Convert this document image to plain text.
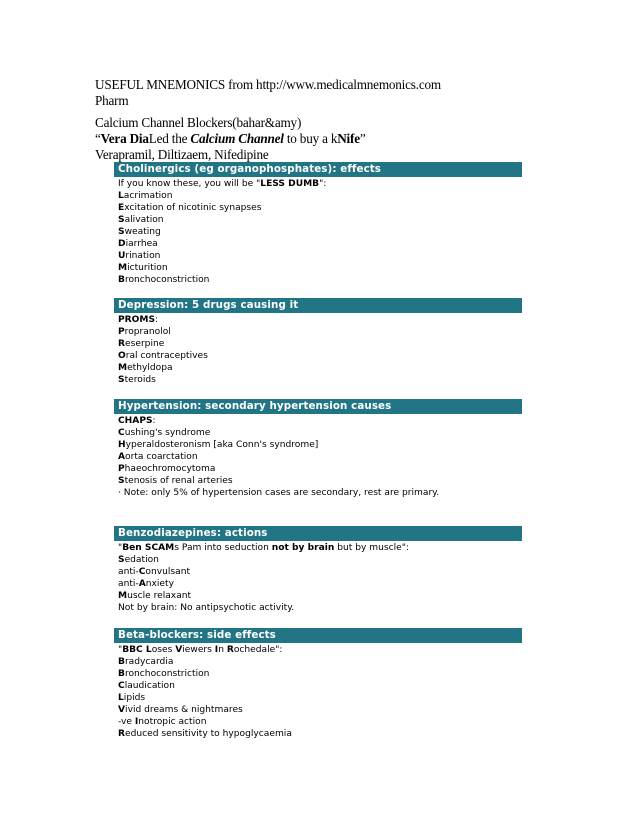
USEFUL MNEMONICS from http://www.medicalmnemonics.com
Pharm
Calcium Channel Blockers(bahar&amy)
“Vera DiaLed the Calcium Channel to buy a kNife”
Verapramil, Diltizaem, Nifedipine
Cholinergics (eg organophosphates): effects
If you know these, you will be "LESS DUMB":
Lacrimation
Excitation of nicotinic synapses
Salivation
Sweating
Diarrhea
Urination
Micturition
Bronchoconstriction
Depression: 5 drugs causing it
PROMS:
Propranolol
Reserpine
Oral contraceptives
Methyldopa
Steroids
Hypertension: secondary hypertension causes
CHAPS:
Cushing's syndrome
Hyperaldosteronism [aka Conn's syndrome]
Aorta coarctation
Phaeochromocytoma
Stenosis of renal arteries
· Note: only 5% of hypertension cases are secondary, rest are primary.
Benzodiazepines: actions
"Ben SCAMs Pam into seduction not by brain but by muscle":
Sedation
anti-Convulsant
anti-Anxiety
Muscle relaxant
Not by brain: No antipsychotic activity.
Beta-blockers: side effects
"BBC Loses Viewers In Rochedale":
Bradycardia
Bronchoconstriction
Claudication
Lipids
Vivid dreams & nightmares
-ve Inotropic action
Reduced sensitivity to hypoglycaemia
